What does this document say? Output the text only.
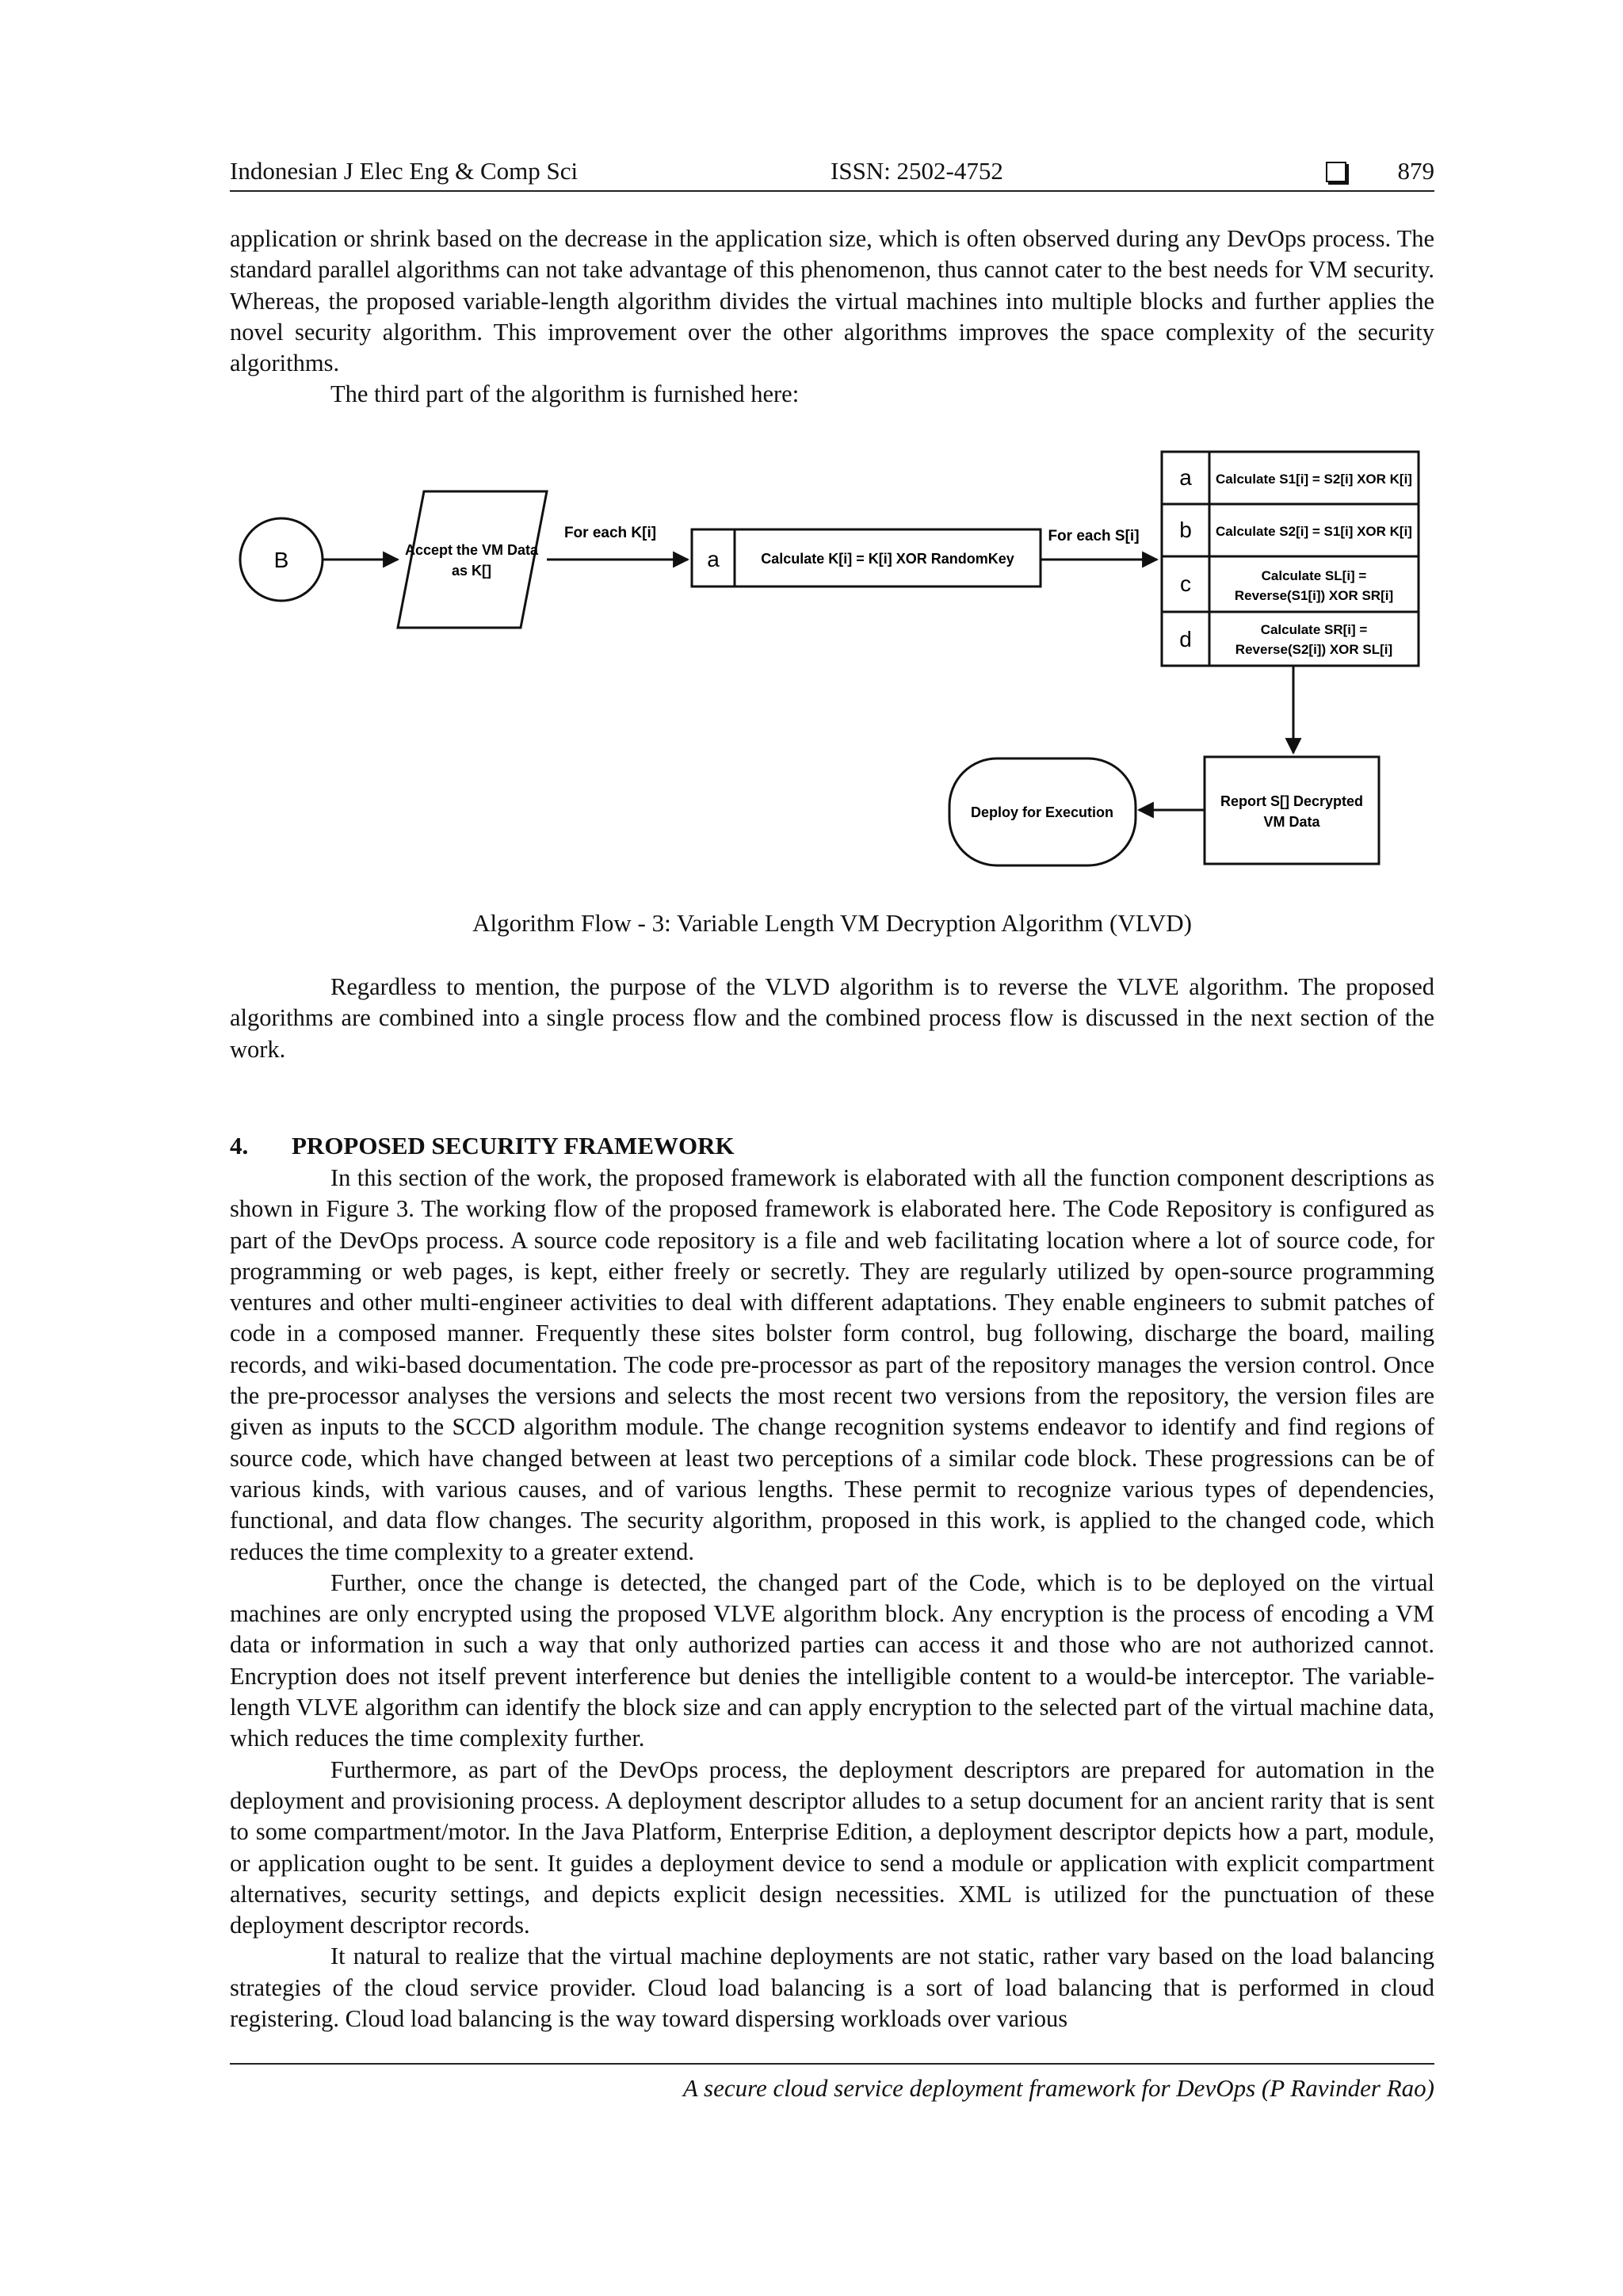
Indonesian J Elec Eng & Comp Sci	ISSN: 2502-4752	879

application or shrink based on the decrease in the application size, which is often observed during any DevOps process. The standard parallel algorithms can not take advantage of this phenomenon, thus cannot cater to the best needs for VM security. Whereas, the proposed variable-length algorithm divides the virtual machines into multiple blocks and further applies the novel security algorithm. This improvement over the other algorithms improves the space complexity of the security algorithms.

The third part of the algorithm is furnished here:

B	Accept the VM Data
as K[]
For each K[i]
a	Calculate K[i] = K[i] XOR RandomKey
For each S[i]
a Calculate S1[i] = S2[i] XOR K[i]
b Calculate S2[i] = S1[i] XOR K[i]
c	Calculate SL[i] =
Reverse(S1[i]) XOR SR[i]
d	Calculate SR[i] =
Reverse(S2[i]) XOR SL[i]
Report S[] Decrypted
VM Data
Deploy for Execution
Algorithm Flow - 3: Variable Length VM Decryption Algorithm (VLVD)

Regardless to mention, the purpose of the VLVD algorithm is to reverse the VLVE algorithm. The proposed algorithms are combined into a single process flow and the combined process flow is discussed in the next section of the work.

4. PROPOSED SECURITY FRAMEWORK

In this section of the work, the proposed framework is elaborated with all the function component descriptions as shown in Figure 3. The working flow of the proposed framework is elaborated here. The Code Repository is configured as part of the DevOps process. A source code repository is a file and web facilitating location where a lot of source code, for programming or web pages, is kept, either freely or secretly. They are regularly utilized by open-source programming ventures and other multi-engineer activities to deal with different adaptations. They enable engineers to submit patches of code in a composed manner. Frequently these sites bolster form control, bug following, discharge the board, mailing records, and wiki-based documentation. The code pre-processor as part of the repository manages the version control. Once the pre-processor analyses the versions and selects the most recent two versions from the repository, the version files are given as inputs to the SCCD algorithm module. The change recognition systems endeavor to identify and find regions of source code, which have changed between at least two perceptions of a similar code block. These progressions can be of various kinds, with various causes, and of various lengths. These permit to recognize various types of dependencies, functional, and data flow changes. The security algorithm, proposed in this work, is applied to the changed code, which reduces the time complexity to a greater extend.

Further, once the change is detected, the changed part of the Code, which is to be deployed on the virtual machines are only encrypted using the proposed VLVE algorithm block. Any encryption is the process of encoding a VM data or information in such a way that only authorized parties can access it and those who are not authorized cannot. Encryption does not itself prevent interference but denies the intelligible content to a would-be interceptor. The variable-length VLVE algorithm can identify the block size and can apply encryption to the selected part of the virtual machine data, which reduces the time complexity further.

Furthermore, as part of the DevOps process, the deployment descriptors are prepared for automation in the deployment and provisioning process. A deployment descriptor alludes to a setup document for an ancient rarity that is sent to some compartment/motor. In the Java Platform, Enterprise Edition, a deployment descriptor depicts how a part, module, or application ought to be sent. It guides a deployment device to send a module or application with explicit compartment alternatives, security settings, and depicts explicit design necessities. XML is utilized for the punctuation of these deployment descriptor records.

It natural to realize that the virtual machine deployments are not static, rather vary based on the load balancing strategies of the cloud service provider. Cloud load balancing is a sort of load balancing that is performed in cloud registering. Cloud load balancing is the way toward dispersing workloads over various

A secure cloud service deployment framework for DevOps (P Ravinder Rao)
